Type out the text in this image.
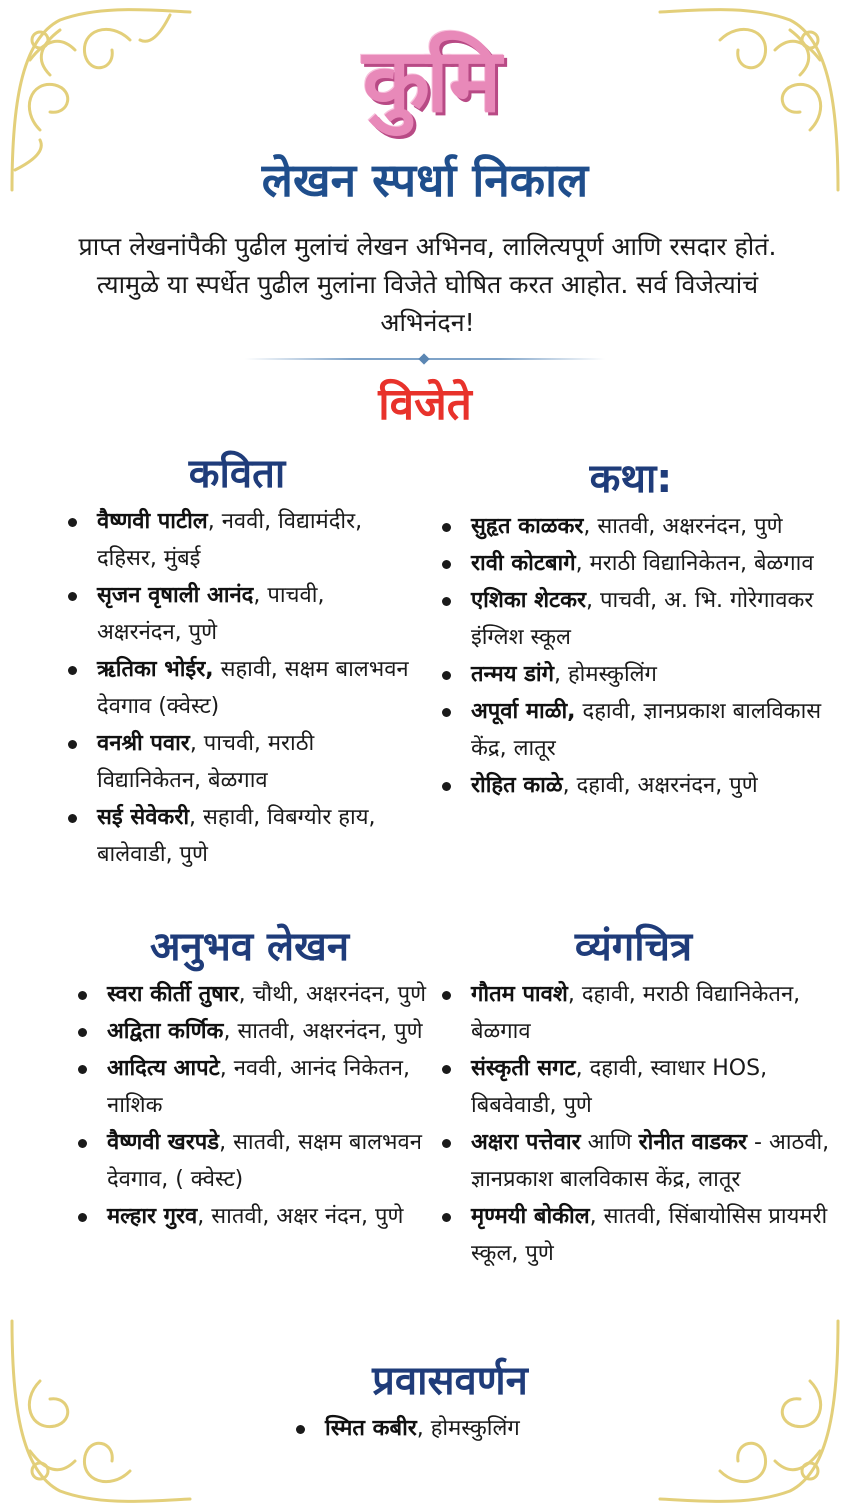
कुमि
लेखन स्पर्धा निकाल
प्राप्त लेखनांपैकी पुढील मुलांचं लेखन अभिनव, लालित्यपूर्ण आणि रसदार होतं. त्यामुळे या स्पर्धेत पुढील मुलांना विजेते घोषित करत आहोत. सर्व विजेत्यांचं अभिनंदन!
विजेते
कविता
वैष्णवी पाटील, नववी, विद्यामंदीर, दहिसर, मुंबई
सृजन वृषाली आनंद, पाचवी, अक्षरनंदन, पुणे
ऋतिका भोईर, सहावी, सक्षम बालभवन देवगाव (क्वेस्ट)
वनश्री पवार, पाचवी, मराठी विद्यानिकेतन, बेळगाव
सई सेवेकरी, सहावी, विबग्योर हाय, बालेवाडी, पुणे
कथा:
सुहृत काळकर, सातवी, अक्षरनंदन, पुणे
रावी कोटबागे, मराठी विद्यानिकेतन, बेळगाव
एशिका शेटकर, पाचवी, अ. भि. गोरेगावकर इंग्लिश स्कूल
तन्मय डांगे, होमस्कुलिंग
अपूर्वा माळी, दहावी, ज्ञानप्रकाश बालविकास केंद्र, लातूर
रोहित काळे, दहावी, अक्षरनंदन, पुणे
अनुभव लेखन
स्वरा कीर्ती तुषार, चौथी, अक्षरनंदन, पुणे
अद्विता कर्णिक, सातवी, अक्षरनंदन, पुणे
आदित्य आपटे, नववी, आनंद निकेतन, नाशिक
वैष्णवी खरपडे, सातवी, सक्षम बालभवन देवगाव, ( क्वेस्ट)
मल्हार गुरव, सातवी, अक्षर नंदन, पुणे
व्यंगचित्र
गौतम पावशे, दहावी, मराठी विद्यानिकेतन, बेळगाव
संस्कृती सगट, दहावी, स्वाधार HOS, बिबवेवाडी, पुणे
अक्षरा पत्तेवार आणि रोनीत वाडकर - आठवी, ज्ञानप्रकाश बालविकास केंद्र, लातूर
मृण्मयी बोकील, सातवी, सिंबायोसिस प्रायमरी स्कूल, पुणे
प्रवासवर्णन
स्मित कबीर, होमस्कुलिंग
